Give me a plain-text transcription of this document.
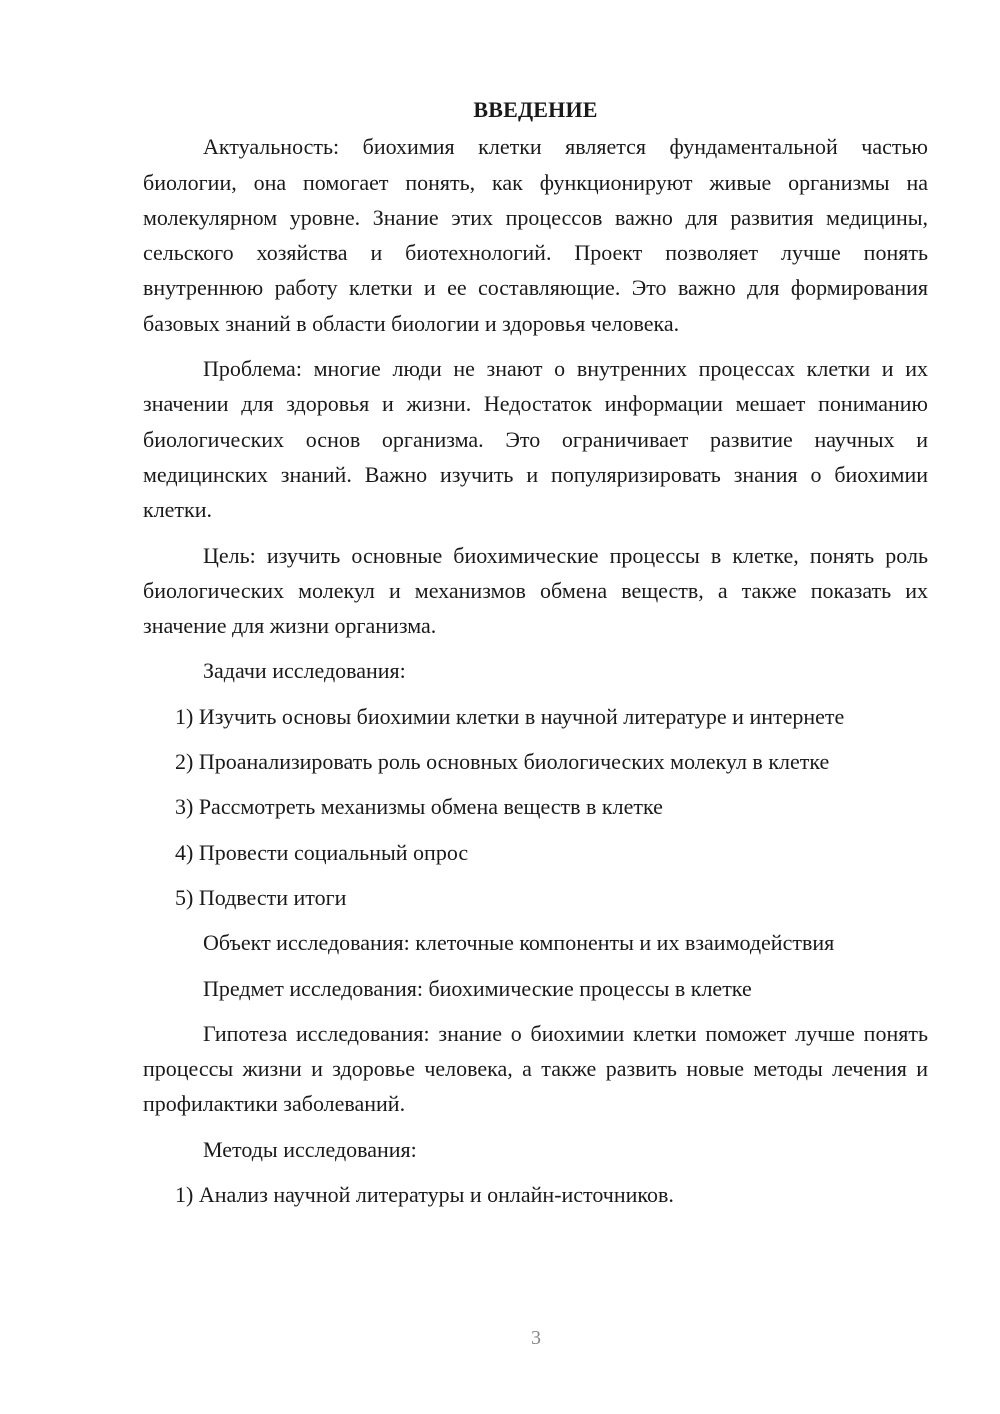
ВВЕДЕНИЕ

Актуальность: биохимия клетки является фундаментальной частью биологии, она помогает понять, как функционируют живые организмы на молекулярном уровне. Знание этих процессов важно для развития медицины, сельского хозяйства и биотехнологий. Проект позволяет лучше понять внутреннюю работу клетки и ее составляющие. Это важно для формирования базовых знаний в области биологии и здоровья человека.

Проблема: многие люди не знают о внутренних процессах клетки и их значении для здоровья и жизни. Недостаток информации мешает пониманию биологических основ организма. Это ограничивает развитие научных и медицинских знаний. Важно изучить и популяризировать знания о биохимии клетки.

Цель: изучить основные биохимические процессы в клетке, понять роль биологических молекул и механизмов обмена веществ, а также показать их значение для жизни организма.

Задачи исследования:

1) Изучить основы биохимии клетки в научной литературе и интернете

2) Проанализировать роль основных биологических молекул в клетке

3) Рассмотреть механизмы обмена веществ в клетке

4) Провести социальный опрос

5) Подвести итоги

Объект исследования: клеточные компоненты и их взаимодействия

Предмет исследования: биохимические процессы в клетке

Гипотеза исследования: знание о биохимии клетки поможет лучше понять процессы жизни и здоровье человека, а также развить новые методы лечения и профилактики заболеваний.

Методы исследования:

1) Анализ научной литературы и онлайн-источников.

3
